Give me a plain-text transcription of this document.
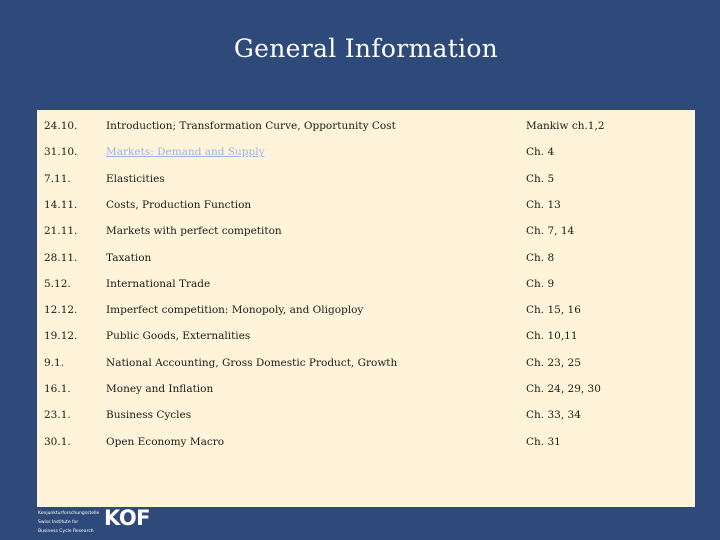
General Information
24.10.	Introduction; Transformation Curve, Opportunity Cost	Mankiw ch.1,2
31.10.	Markets: Demand and Supply	Ch. 4
7.11.	Elasticities	Ch. 5
14.11.	Costs, Production Function	Ch. 13
21.11.	Markets with perfect competiton	Ch. 7, 14
28.11.	Taxation	Ch. 8
5.12.	International Trade	Ch. 9
12.12.	Imperfect competition: Monopoly, and Oligoploy	Ch. 15, 16
19.12.	Public Goods, Externalities	Ch. 10,11
9.1.	National Accounting, Gross Domestic Product, Growth	Ch. 23, 25
16.1.	Money and Inflation	Ch. 24, 29, 30
23.1.	Business Cycles	Ch. 33, 34
30.1.	Open Economy Macro	Ch. 31
Konjunkturforschungsstelle
Swiss Institute for
Business Cycle Research
KOF
